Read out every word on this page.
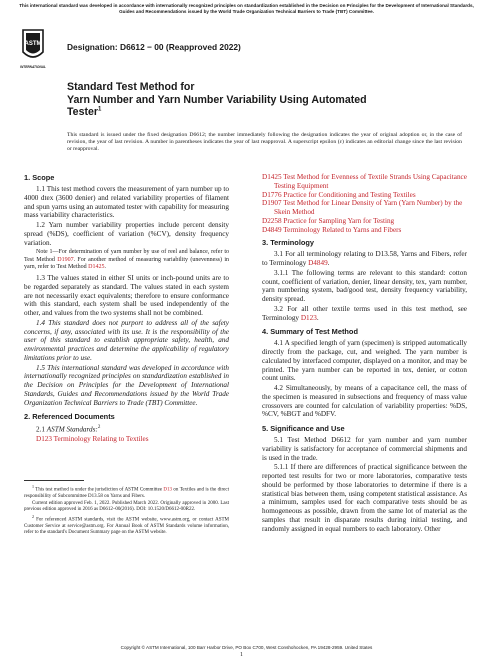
This international standard was developed in accordance with internationally recognized principles on standardization established in the Decision on Principles for the Development of International Standards, Guides and Recommendations issued by the World Trade Organization Technical Barriers to Trade (TBT) Committee.
ASTM
INTERNATIONAL
Designation: D6612 − 00 (Reapproved 2022)
Standard Test Method for
Yarn Number and Yarn Number Variability Using Automated
Tester$^1$
This standard is issued under the fixed designation D6612; the number immediately following the designation indicates the year of original adoption or, in the case of revision, the year of last revision. A number in parentheses indicates the year of last reapproval. A superscript epsilon (ε) indicates an editorial change since the last revision or reapproval.
1. Scope

1.1 This test method covers the measurement of yarn number up to 4000 dtex (3600 denier) and related variability properties of filament and spun yarns using an automated tester with capability for measuring mass variability characteristics.

1.2 Yarn number variability properties include percent density spread (%DS), coefficient of variation (%CV), density frequency variation.

Note 1—For determination of yarn number by use of reel and balance, refer to Test Method D1907. For another method of measuring variability (unevenness) in yarn, refer to Test Method D1425.

1.3 The values stated in either SI units or inch-pound units are to be regarded separately as standard. The values stated in each system are not necessarily exact equivalents; therefore to ensure conformance with this standard, each system shall be used independently of the other, and values from the two systems shall not be combined.

1.4 This standard does not purport to address all of the safety concerns, if any, associated with its use. It is the responsibility of the user of this standard to establish appropriate safety, health, and environmental practices and determine the applicability of regulatory limitations prior to use.

1.5 This international standard was developed in accordance with internationally recognized principles on standardization established in the Decision on Principles for the Development of International Standards, Guides and Recommendations issued by the World Trade Organization Technical Barriers to Trade (TBT) Committee.

2. Referenced Documents
2.1 ASTM Standards:$^2$
D123 Terminology Relating to Textiles

$^1$ This test method is under the jurisdiction of ASTM Committee D13 on Textiles and is the direct responsibility of Subcommittee D13.58 on Yarns and Fibers.

Current edition approved Feb. 1, 2022. Published March 2022. Originally approved in 2000. Last previous edition approved in 2016 as D6612–00(2016). DOI: 10.1520/D6612-00R22.

$^2$ For referenced ASTM standards, visit the ASTM website, www.astm.org, or contact ASTM Customer Service at service@astm.org. For Annual Book of ASTM Standards volume information, refer to the standard's Document Summary page on the ASTM website.

D1425 Test Method for Evenness of Textile Strands Using Capacitance Testing Equipment
D1776 Practice for Conditioning and Testing Textiles
D1907 Test Method for Linear Density of Yarn (Yarn Number) by the Skein Method
D2258 Practice for Sampling Yarn for Testing
D4849 Terminology Related to Yarns and Fibers
3. Terminology

3.1 For all terminology relating to D13.58, Yarns and Fibers, refer to Terminology D4849.

3.1.1 The following terms are relevant to this standard: cotton count, coefficient of variation, denier, linear density, tex, yarn number, yarn numbering system, bad/good test, density frequency variability, density spread.

3.2 For all other textile terms used in this test method, see Terminology D123.

4. Summary of Test Method

4.1 A specified length of yarn (specimen) is stripped automatically directly from the package, cut, and weighed. The yarn number is calculated by interfaced computer, displayed on a monitor, and may be printed. The yarn number can be reported in tex, denier, or cotton count units.

4.2 Simultaneously, by means of a capacitance cell, the mass of the specimen is measured in subsections and frequency of mass value crossovers are counted for calculation of variability properties: %DS, %CV, %BGT and %DFV.

5. Significance and Use

5.1 Test Method D6612 for yarn number and yarn number variability is satisfactory for acceptance of commercial shipments and is used in the trade.

5.1.1 If there are differences of practical significance between the reported test results for two or more laboratories, comparative tests should be performed by those laboratories to determine if there is a statistical bias between them, using competent statistical assistance. As a minimum, samples used for each comparative tests should be as homogeneous as possible, drawn from the same lot of material as the samples that result in disparate results during initial testing, and randomly assigned in equal numbers to each laboratory. Other

Copyright © ASTM International, 100 Barr Harbor Drive, PO Box C700, West Conshohocken, PA 19428-2959. United States
1
